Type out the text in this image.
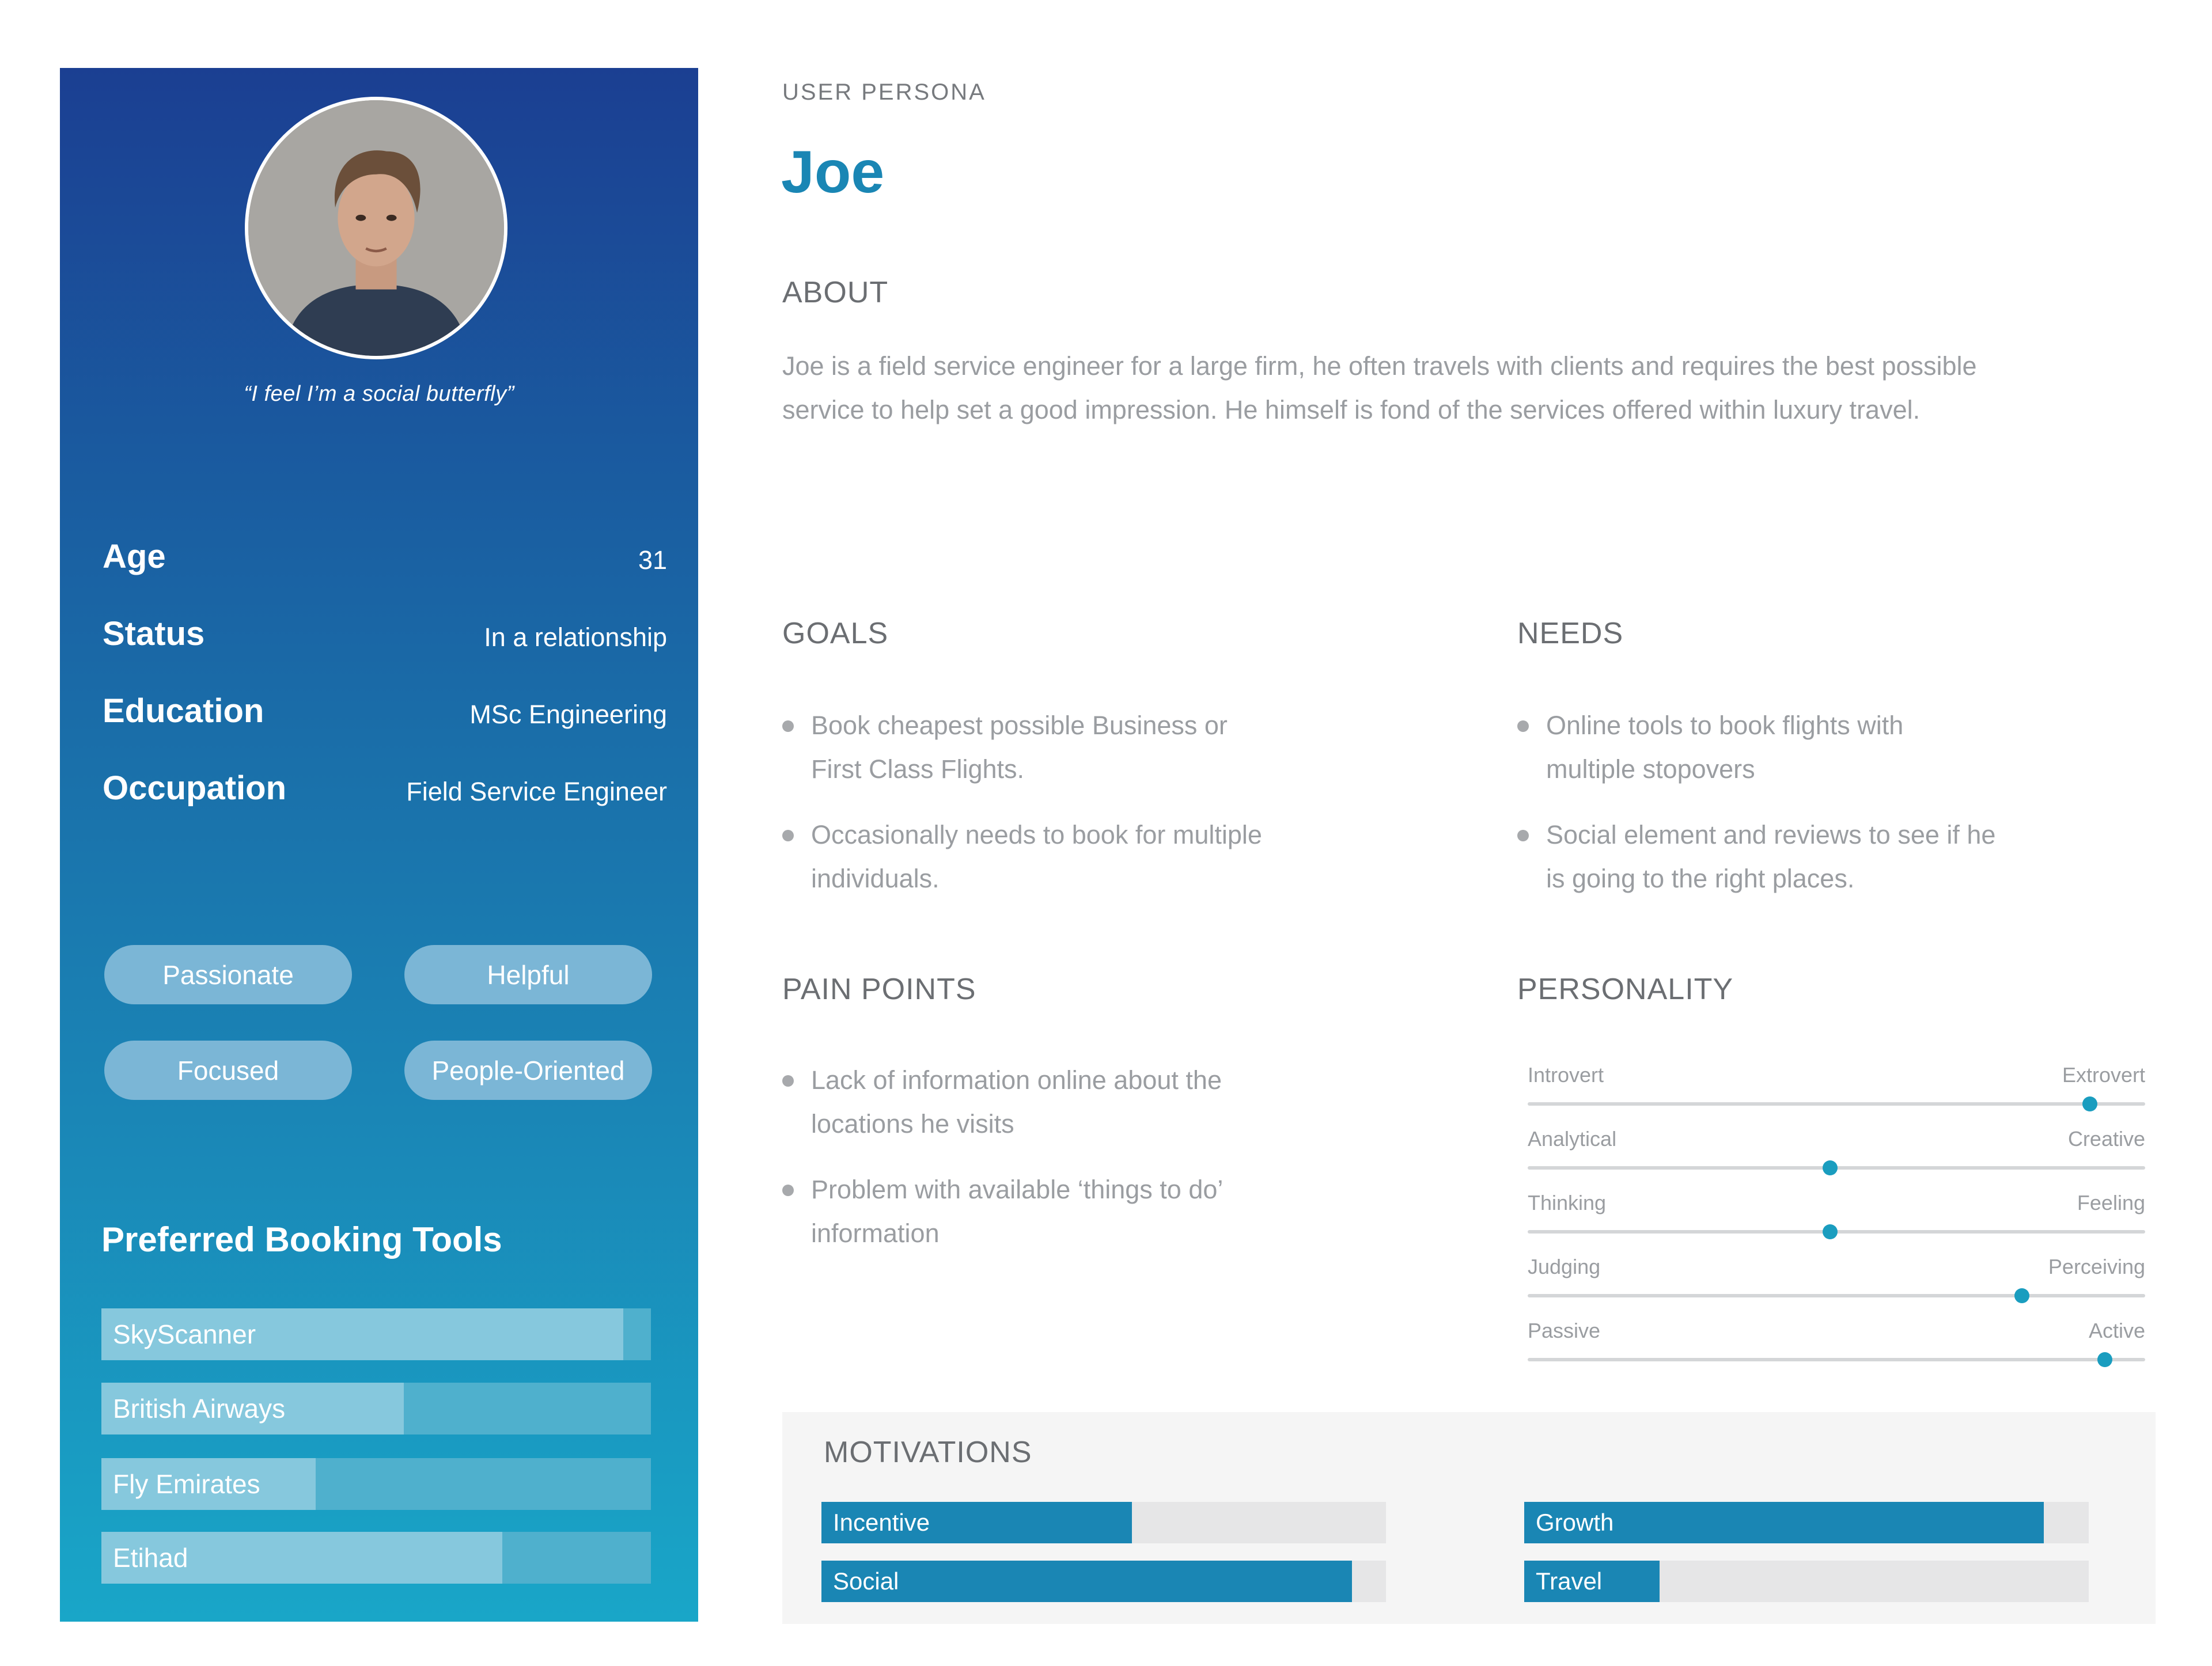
“I feel I’m a social butterfly”
Age	31
Status	In a relationship
Education	MSc Engineering
Occupation	Field Service Engineer
Passionate	Helpful
Focused	People-Oriented
Preferred Booking Tools
SkyScanner
British Airways
Fly Emirates
Etihad
USER PERSONA
Joe
ABOUT
Joe is a field service engineer for a large firm, he often travels with clients and requires the best possible
service to help set a good impression. He himself is fond of the services offered within luxury travel.
GOALS
Book cheapest possible Business or
First Class Flights.
Occasionally needs to book for multiple
individuals.
NEEDS
Online tools to book flights with
multiple stopovers
Social element and reviews to see if he
is going to the right places.
PAIN POINTS
Lack of information online about the
locations he visits
Problem with available ‘things to do’
information
PERSONALITY
Introvert	Extrovert
Analytical	Creative
Thinking	Feeling
Judging	Perceiving
Passive	Active
MOTIVATIONS
Incentive	Growth
Social	Travel
